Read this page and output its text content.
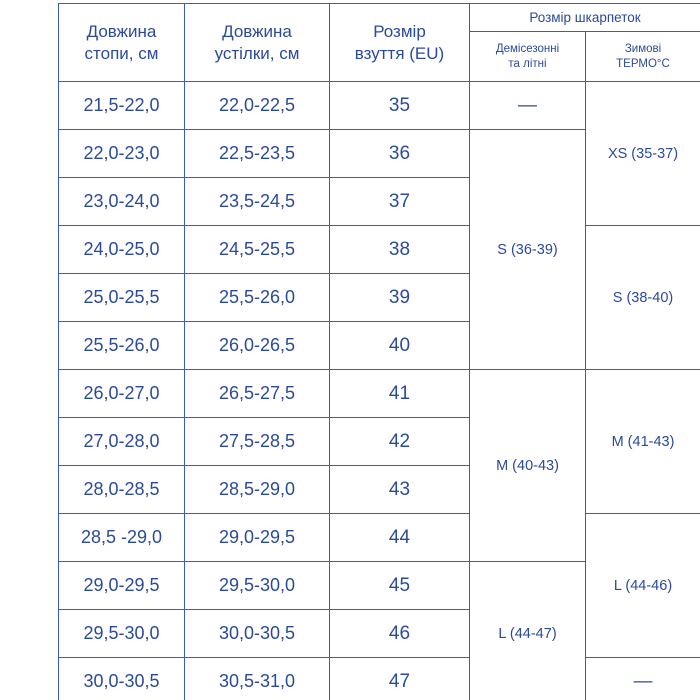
Довжина
стопи, см

Довжина
устілки, см

Розмір
взуття (EU)
	Розмір шкарпеток

Демісезонні
та літні

Зимові
ТЕРМО°С

21,5-22,0	22,0-22,5	35	—	XS (35-37)
22,0-23,0	22,5-23,5	36	S (36-39)	
23,0-24,0	23,5-24,5	37		
24,0-25,0	24,5-25,5	38		S (38-40)
25,0-25,5	25,5-26,0	39		
25,5-26,0	26,0-26,5	40		
26,0-27,0	26,5-27,5	41	M (40-43)	M (41-43)
27,0-28,0	27,5-28,5	42		
28,0-28,5	28,5-29,0	43		
28,5 -29,0	29,0-29,5	44		L (44-46)
29,0-29,5	29,5-30,0	45	L (44-47)	
29,5-30,0	30,0-30,5	46		
30,0-30,5	30,5-31,0	47		—
